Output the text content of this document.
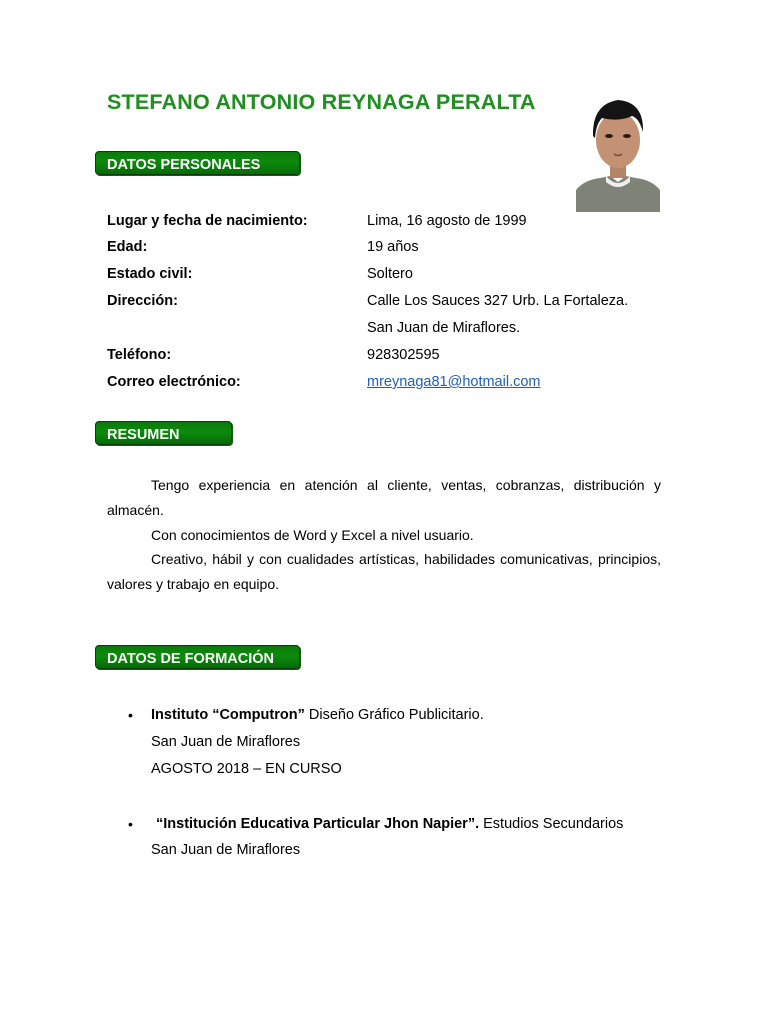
STEFANO ANTONIO REYNAGA PERALTA
DATOS PERSONALES
Lugar y fecha de nacimiento:	Lima, 16 agosto de 1999
Edad:	19 años
Estado civil:	Soltero
Dirección:	Calle Los Sauces 327 Urb. La Fortaleza.
San Juan de Miraflores.
Teléfono:	928302595
Correo electrónico:	mreynaga81@hotmail.com
RESUMEN
Tengo experiencia en atención al cliente, ventas, cobranzas, distribución y
almacén.
Con conocimientos de Word y Excel a nivel usuario.
Creativo, hábil y con cualidades artísticas, habilidades comunicativas, principios,
valores y trabajo en equipo.
DATOS DE FORMACIÓN
• Instituto “Computron” Diseño Gráfico Publicitario.
San Juan de Miraflores
AGOSTO 2018 – EN CURSO
• “Institución Educativa Particular Jhon Napier”. Estudios Secundarios
San Juan de Miraflores
